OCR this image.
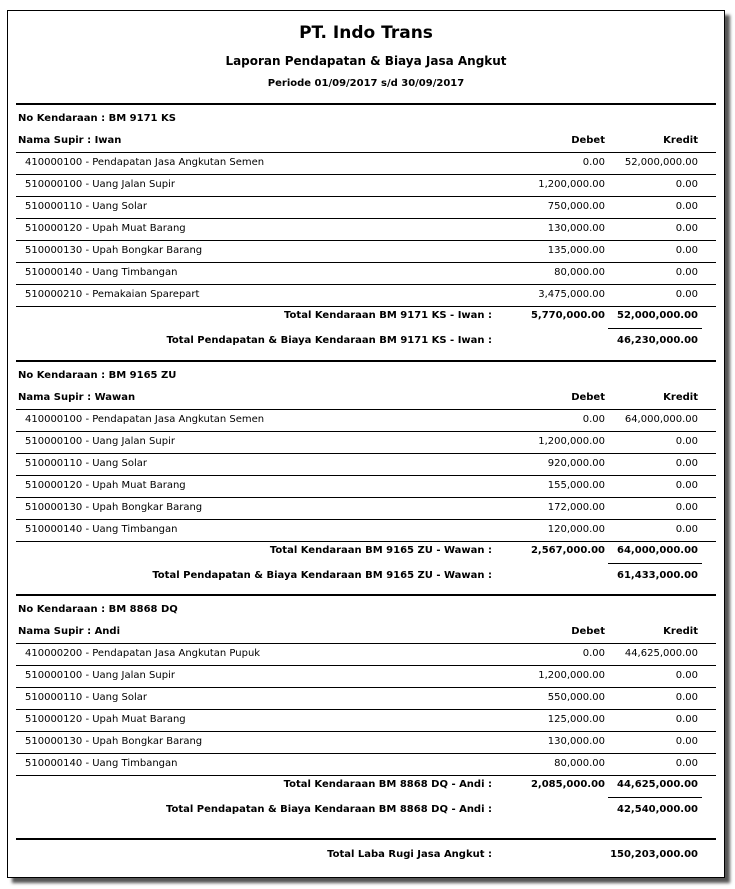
PT. Indo Trans
Laporan Pendapatan & Biaya Jasa Angkut
Periode 01/09/2017 s/d 30/09/2017
No Kendaraan : BM 9171 KS
Nama Supir : Iwan	Debet	Kredit
410000100 - Pendapatan Jasa Angkutan Semen	0.00 52,000,000.00
510000100 - Uang Jalan Supir	1,200,000.00	0.00
510000110 - Uang Solar	750,000.00	0.00
510000120 - Upah Muat Barang	130,000.00	0.00
510000130 - Upah Bongkar Barang	135,000.00	0.00
510000140 - Uang Timbangan	80,000.00	0.00
510000210 - Pemakaian Sparepart	3,475,000.00	0.00
Total Kendaraan BM 9171 KS - Iwan :	5,770,000.00 52,000,000.00
Total Pendapatan & Biaya Kendaraan BM 9171 KS - Iwan :	46,230,000.00
No Kendaraan : BM 9165 ZU
Nama Supir : Wawan	Debet	Kredit
410000100 - Pendapatan Jasa Angkutan Semen	0.00 64,000,000.00
510000100 - Uang Jalan Supir	1,200,000.00	0.00
510000110 - Uang Solar	920,000.00	0.00
510000120 - Upah Muat Barang	155,000.00	0.00
510000130 - Upah Bongkar Barang	172,000.00	0.00
510000140 - Uang Timbangan	120,000.00	0.00
Total Kendaraan BM 9165 ZU - Wawan :	2,567,000.00 64,000,000.00
Total Pendapatan & Biaya Kendaraan BM 9165 ZU - Wawan :	61,433,000.00
No Kendaraan : BM 8868 DQ
Nama Supir : Andi	Debet	Kredit
410000200 - Pendapatan Jasa Angkutan Pupuk	0.00 44,625,000.00
510000100 - Uang Jalan Supir	1,200,000.00	0.00
510000110 - Uang Solar	550,000.00	0.00
510000120 - Upah Muat Barang	125,000.00	0.00
510000130 - Upah Bongkar Barang	130,000.00	0.00
510000140 - Uang Timbangan	80,000.00	0.00
Total Kendaraan BM 8868 DQ - Andi :	2,085,000.00 44,625,000.00
Total Pendapatan & Biaya Kendaraan BM 8868 DQ - Andi :	42,540,000.00
Total Laba Rugi Jasa Angkut :	150,203,000.00
